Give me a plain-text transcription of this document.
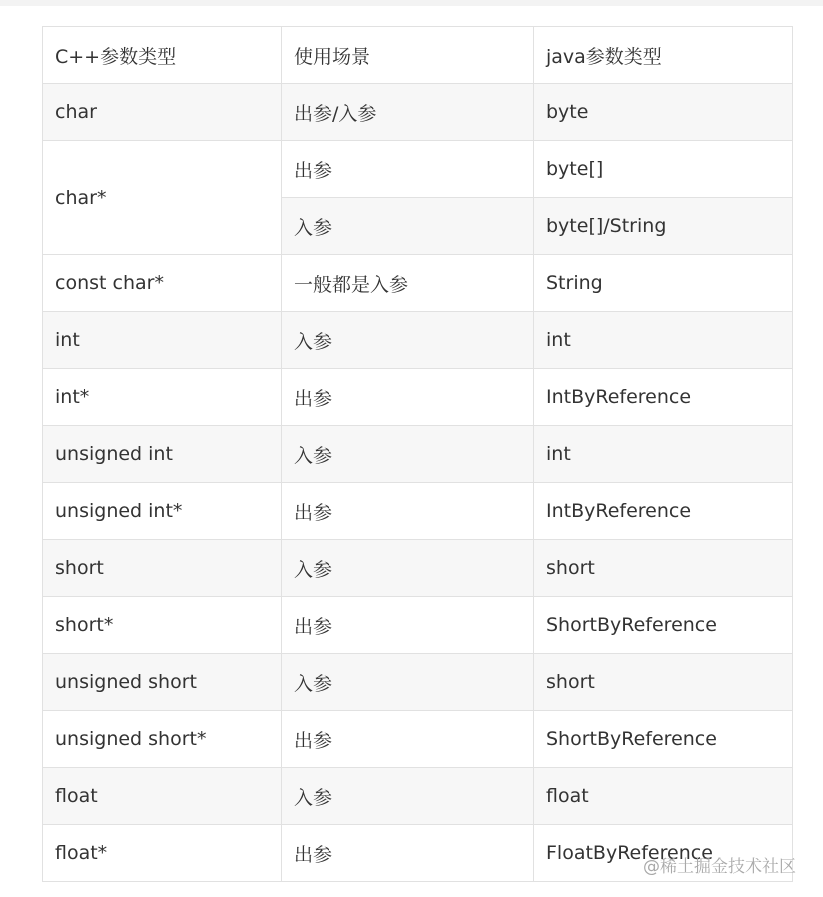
C++参数类型	使用场景	java参数类型
char	出参/入参	byte
char*	出参	byte[]
	入参	byte[]/String
const char*	一般都是入参	String
int	入参	int
int*	出参	IntByReference
unsigned int	入参	int
unsigned int*	出参	IntByReference
short	入参	short
short*	出参	ShortByReference
unsigned short	入参	short
unsigned short*	出参	ShortByReference
float	入参	float
float*	出参	FloatByReference
@稀土掘金技术社区
